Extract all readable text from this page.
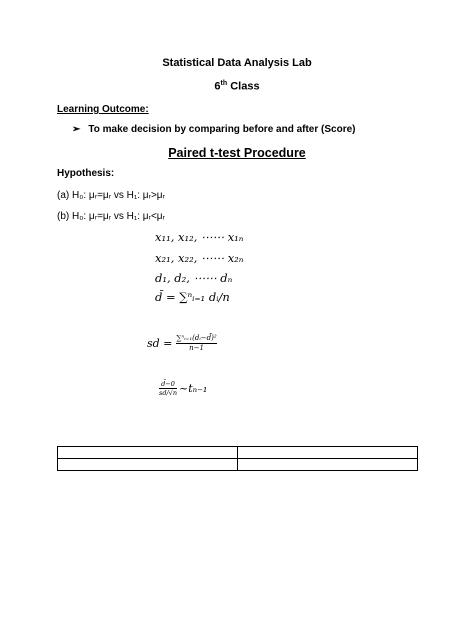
Statistical Data Analysis Lab
6th Class
Learning Outcome:
➢ To make decision by comparing before and after (Score)
Paired t-test Procedure
Hypothesis:
(a) H₀: μᵣ=μᵣ vs H₁: μᵣ>μᵣ
(b) H₀: μᵣ=μᵣ vs H₁: μᵣ<μᵣ
x₁₁, x₁₂, ⋯⋯ x₁ₙ
x₂₁, x₂₂, ⋯⋯ x₂ₙ
d₁, d₂, ⋯⋯ dₙ
d̄ = ∑ⁿᵢ₌₁ dᵢ/n
sd = $\frac{\text{∑ⁿᵢ₌₁(dᵢ−d̄)²}}{n-1}$
$\frac{d̄-0}{sd/√n}$ ~tₙ₋₁
